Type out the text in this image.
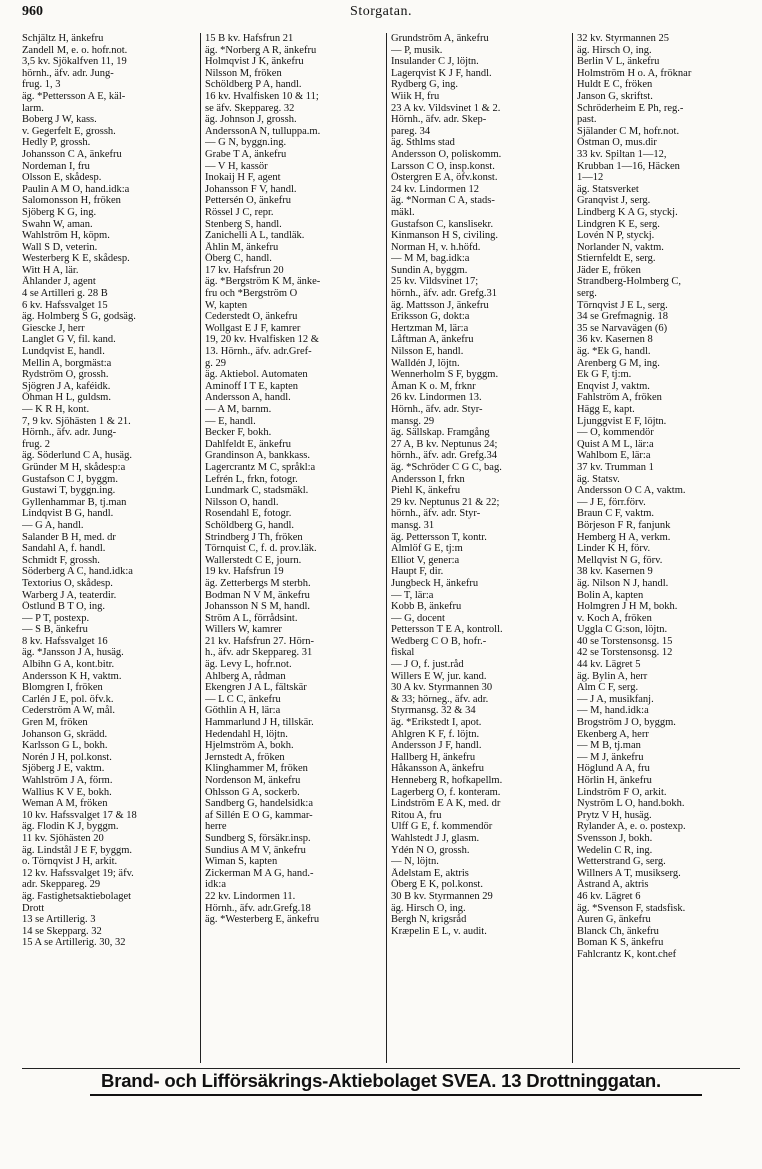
960	Storgatan.
Schjältz H, änkefru
Zandell M, e. o. hofr.not.
3,5 kv. Sjökalfven 11, 19
hörnh., äfv. adr. Jung-
frug. 1, 3
äg. *Pettersson A E, käl-
larm.
Boberg J W, kass.
v. Gegerfelt E, grossh.
Hedly P, grossh.
Johansson C A, änkefru
Nordeman I, fru
Olsson E, skådesp.
Paulin A M O, hand.idk:a
Salomonsson H, fröken
Sjöberg K G, ing.
Swahn W, aman.
Wahlström H, köpm.
Wall S D, veterin.
Westerberg K E, skådesp.
Witt H A, lär.
Åhlander J, agent
4 se Artilleri g. 28 B
6 kv. Hafssvalget 15
äg. Holmberg S G, godsäg.
Giescke J, herr
Langlet G V, fil. kand.
Lundqvist E, handl.
Mellin A, borgmäst:a
Rydström O, grossh.
Sjögren J A, kaféidk.
Öhman H L, guldsm.
— K R H, kont.
7, 9 kv. Sjöhästen 1 & 21.
Hörnh., äfv. adr. Jung-
frug. 2
äg. Söderlund C A, husäg.
Gründer M H, skådesp:a
Gustafson C J, byggm.
Gustawi T, byggn.ing.
Gyllenhammar B, tj.man
Lindqvist B G, handl.
— G A, handl.
Salander B H, med. dr
Sandahl A, f. handl.
Schmidt F, grossh.
Söderberg A C, hand.idk:a
Textorius O, skådesp.
Warberg J A, teaterdir.
Östlund B T O, ing.
— P T, postexp.
— S B, änkefru
8 kv. Hafssvalget 16
äg. *Jansson J A, husäg.
Albihn G A, kont.bitr.
Andersson K H, vaktm.
Blomgren I, fröken
Carlén J E, pol. öfv.k.
Cederström A W, mål.
Gren M, fröken
Johanson G, skrädd.
Karlsson G L, bokh.
Norén J H, pol.konst.
Sjöberg J E, vaktm.
Wahlström J A, förm.
Wallius K V E, bokh.
Weman A M, fröken
10 kv. Hafssvalget 17 & 18
äg. Flodin K J, byggm.
11 kv. Sjöhästen 20
äg. Lindstål J E F, byggm.
o. Törnqvist J H, arkit.
12 kv. Hafssvalget 19; äfv.
adr. Skeppareg. 29
äg. Fastighetsaktiebolaget
Drott
13 se Artillerig. 3
14 se Skepparg. 32
15 A se Artillerig. 30, 32
15 B kv. Hafsfrun 21
äg. *Norberg A R, änkefru
Holmqvist J K, änkefru
Nilsson M, fröken
Schöldberg P A, handl.
16 kv. Hvalfisken 10 & 11;
se äfv. Skeppareg. 32
äg. Johnson J, grossh.
AnderssonA N, tulluppa.m.
— G N, byggn.ing.
Grabe T A, änkefru
— V H, kassör
Inokaij H F, agent
Johansson F V, handl.
Pettersén O, änkefru
Rössel J C, repr.
Stenberg S, handl.
Zanichelli A L, tandläk.
Åhlin M, änkefru
Öberg C, handl.
17 kv. Hafsfrun 20
äg. *Bergström K M, änke-
fru och *Bergström O
W, kapten
Cederstedt O, änkefru
Wollgast E J F, kamrer
19, 20 kv. Hvalfisken 12 &
13. Hörnh., äfv. adr.Gref-
g. 29
äg. Aktiebol. Automaten
Aminoff I T E, kapten
Andersson A, handl.
— A M, barnm.
— E, handl.
Becker F, bokh.
Dahlfeldt E, änkefru
Grandinson A, bankkass.
Lagercrantz M C, språkl:a
Lefrén L, frkn, fotogr.
Lundmark C, stadsmäkl.
Nilsson O, handl.
Rosendahl E, fotogr.
Schöldberg G, handl.
Strindberg J Th, fröken
Törnquist C, f. d. prov.läk.
Wallerstedt C E, journ.
19 kv. Hafsfrun 19
äg. Zetterbergs M sterbh.
Bodman N V M, änkefru
Johansson N S M, handl.
Ström A L, förrådsint.
Willers W, kamrer
21 kv. Hafsfrun 27. Hörn-
h., äfv. adr Skeppareg. 31
äg. Levy L, hofr.not.
Ahlberg A, rådman
Ekengren J A L, fältskär
— L C C, änkefru
Göthlin A H, lär:a
Hammarlund J H, tillskär.
Hedendahl H, löjtn.
Hjelmström A, bokh.
Jernstedt A, fröken
Klinghammer M, fröken
Nordenson M, änkefru
Ohlsson G A, sockerb.
Sandberg G, handelsidk:a
af Sillén E O G, kammar-
herre
Sundberg S, försäkr.insp.
Sundius A M V, änkefru
Wiman S, kapten
Zickerman M A G, hand.-
idk:a
22 kv. Lindormen 11.
Hörnh., äfv. adr.Grefg.18
äg. *Westerberg E, änkefru
Grundström A, änkefru
— P, musik.
Insulander C J, löjtn.
Lagerqvist K J F, handl.
Rydberg G, ing.
Wiik H, fru
23 A kv. Vildsvinet 1 & 2.
Hörnh., äfv. adr. Skep-
pareg. 34
äg. Sthlms stad
Andersson O, poliskomm.
Larsson C O, insp.konst.
Östergren E A, öfv.konst.
24 kv. Lindormen 12
äg. *Norman C A, stads-
mäkl.
Gustafson C, kanslisekr.
Kinmanson H S, civiling.
Norman H, v. h.höfd.
— M M, bag.idk:a
Sundin A, byggm.
25 kv. Vildsvinet 17;
hörnh., äfv. adr. Grefg.31
äg. Mattsson J, änkefru
Eriksson G, dokt:a
Hertzman M, lär:a
Låftman A, änkefru
Nilsson E, handl.
Walldén J, löjtn.
Wennerholm S F, byggm.
Åman K o. M, frknr
26 kv. Lindormen 13.
Hörnh., äfv. adr. Styr-
mansg. 29
äg. Sällskap. Framgång
27 A, B kv. Neptunus 24;
hörnh., äfv. adr. Grefg.34
äg. *Schröder C G C, bag.
Andersson I, frkn
Piehl K, änkefru
29 kv. Neptunus 21 & 22;
hörnh., äfv. adr. Styr-
mansg. 31
äg. Pettersson T, kontr.
Almlöf G E, tj:m
Elliot V, gener:a
Haupt F, dir.
Jungbeck H, änkefru
— T, lär:a
Kobb B, änkefru
— G, docent
Pettersson T E A, kontroll.
Wedberg C O B, hofr.-
fiskal
— J O, f. just.råd
Willers E W, jur. kand.
30 A kv. Styrmannen 30
& 33; hörneg., äfv. adr.
Styrmansg. 32 & 34
äg. *Erikstedt I, apot.
Ahlgren K F, f. löjtn.
Andersson J F, handl.
Hallberg H, änkefru
Håkansson A, änkefru
Henneberg R, hofkapellm.
Lagerberg O, f. konteram.
Lindström E A K, med. dr
Ritou A, fru
Ulff G E, f. kommendör
Wahlstedt J J, glasm.
Ydén N O, grossh.
— N, löjtn.
Ådelstam E, aktris
Öberg E K, pol.konst.
30 B kv. Styrmannen 29
äg. Hirsch O, ing.
Bergh N, krigsråd
Kræpelin E L, v. audit.
32 kv. Styrmannen 25
äg. Hirsch O, ing.
Berlin V L, änkefru
Holmström H o. A, fröknar
Huldt E C, fröken
Janson G, skriftst.
Schröderheim E Ph, reg.-
past.
Själander C M, hofr.not.
Östman O, mus.dir
33 kv. Spiltan 1—12,
Krubban 1—16, Häcken
1—12
äg. Statsverket
Granqvist J, serg.
Lindberg K A G, styckj.
Lindgren K E, serg.
Lovén N P, styckj.
Norlander N, vaktm.
Stiernfeldt E, serg.
Jäder E, fröken
Strandberg-Holmberg C,
serg.
Törnqvist J E L, serg.
34 se Grefmagnig. 18
35 se Narvavägen (6)
36 kv. Kasernen 8
äg. *Ek G, handl.
Arenberg G M, ing.
Ek G F, tj:m.
Enqvist J, vaktm.
Fahlström A, fröken
Hägg E, kapt.
Ljunggvist E F, löjtn.
— O, kommendör
Quist A M L, lär:a
Wahlbom E, lär:a
37 kv. Trumman 1
äg. Statsv.
Andersson O C A, vaktm.
— J E, förr.förv.
Braun C F, vaktm.
Börjeson F R, fanjunk
Hemberg H A, verkm.
Linder K H, förv.
Mellqvist N G, förv.
38 kv. Kasernen 9
äg. Nilson N J, handl.
Bolin A, kapten
Holmgren J H M, bokh.
v. Koch A, fröken
Uggla C G:son, löjtn.
40 se Torstensonsg. 15
42 se Torstensonsg. 12
44 kv. Lägret 5
äg. Bylin A, herr
Alm C F, serg.
— J A, musikfanj.
— M, hand.idk:a
Brogström J O, byggm.
Ekenberg A, herr
— M B, tj.man
— M J, änkefru
Höglund A A, fru
Hörlin H, änkefru
Lindström F O, arkit.
Nyström L O, hand.bokh.
Prytz V H, husäg.
Rylander A, e. o. postexp.
Svensson J, bokh.
Wedelin C R, ing.
Wetterstrand G, serg.
Willners A T, musikserg.
Åstrand A, aktris
46 kv. Lägret 6
äg. *Svenson F, stadsfisk.
Auren G, änkefru
Blanck Ch, änkefru
Boman K S, änkefru
Fahlcrantz K, kont.chef
Brand- och Lifförsäkrings-Aktiebolaget SVEA. 13 Drottninggatan.
